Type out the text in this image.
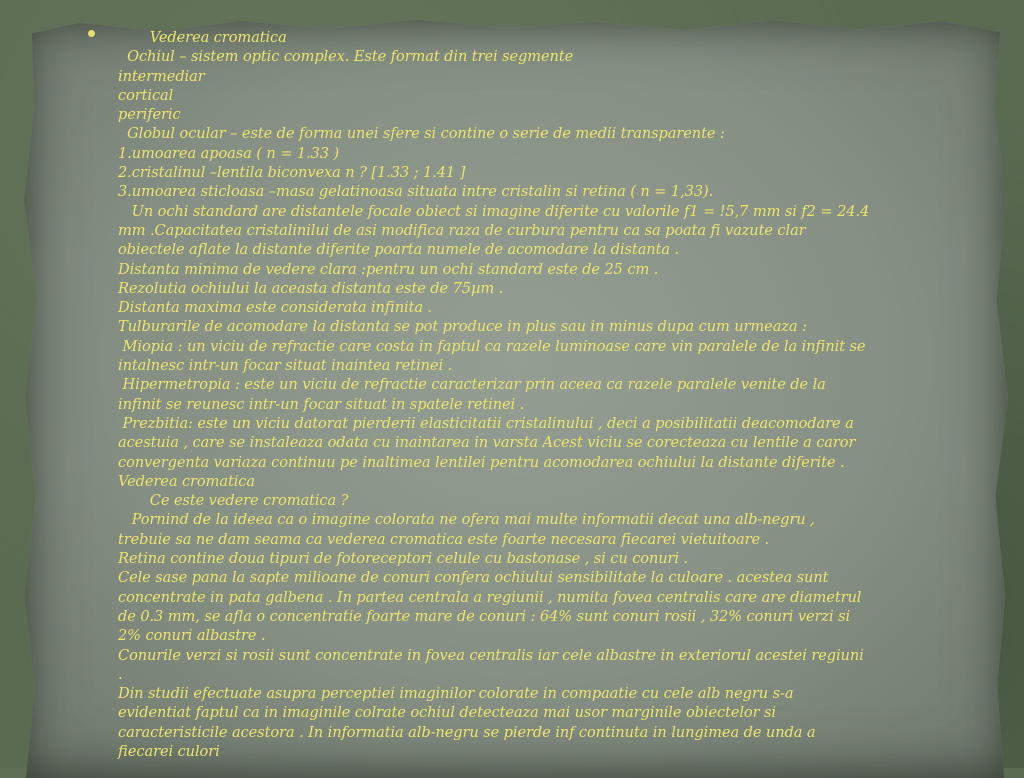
Vederea cromatica
Ochiul – sistem optic complex. Este format din trei segmente
intermediar
cortical
periferic
Globul ocular – este de forma unei sfere si contine o serie de medii transparente :
1.umoarea apoasa ( n = 1.33 )
2.cristalinul –lentila biconvexa n ? [1.33 ; 1.41 ]
3.umoarea sticloasa –masa gelatinoasa situata intre cristalin si retina ( n = 1,33).
Un ochi standard are distantele focale obiect si imagine diferite cu valorile f1 = !5,7 mm si f2 = 24.4
mm .Capacitatea cristalinilui de asi modifica raza de curbura pentru ca sa poata fi vazute clar
obiectele aflate la distante diferite poarta numele de acomodare la distanta .
Distanta minima de vedere clara :pentru un ochi standard este de 25 cm .
Rezolutia ochiului la aceasta distanta este de 75µm .
Distanta maxima este considerata infinita .
Tulburarile de acomodare la distanta se pot produce in plus sau in minus dupa cum urmeaza :
Miopia : un viciu de refractie care costa in faptul ca razele luminoase care vin paralele de la infinit se
intalnesc intr-un focar situat inaintea retinei .
Hipermetropia : este un viciu de refractie caracterizar prin aceea ca razele paralele venite de la
infinit se reunesc intr-un focar situat in spatele retinei .
Prezbitia: este un viciu datorat pierderii elasticitatii cristalinului , deci a posibilitatii deacomodare a
acestuia , care se instaleaza odata cu inaintarea in varsta Acest viciu se corecteaza cu lentile a caror
convergenta variaza continuu pe inaltimea lentilei pentru acomodarea ochiului la distante diferite .
Vederea cromatica
Ce este vedere cromatica ?
Pornind de la ideea ca o imagine colorata ne ofera mai multe informatii decat una alb-negru ,
trebuie sa ne dam seama ca vederea cromatica este foarte necesara fiecarei vietuitoare .
Retina contine doua tipuri de fotoreceptori celule cu bastonase , si cu conuri .
Cele sase pana la sapte milioane de conuri confera ochiului sensibilitate la culoare . acestea sunt
concentrate in pata galbena . In partea centrala a regiunii , numita fovea centralis care are diametrul
de 0.3 mm, se afla o concentratie foarte mare de conuri : 64% sunt conuri rosii , 32% conuri verzi si
2% conuri albastre .
Conurile verzi si rosii sunt concentrate in fovea centralis iar cele albastre in exteriorul acestei regiuni
.
Din studii efectuate asupra perceptiei imaginilor colorate in compaatie cu cele alb negru s-a
evidentiat faptul ca in imaginile colrate ochiul detecteaza mai usor marginile obiectelor si
caracteristicile acestora . In informatia alb-negru se pierde inf continuta in lungimea de unda a
fiecarei culori
